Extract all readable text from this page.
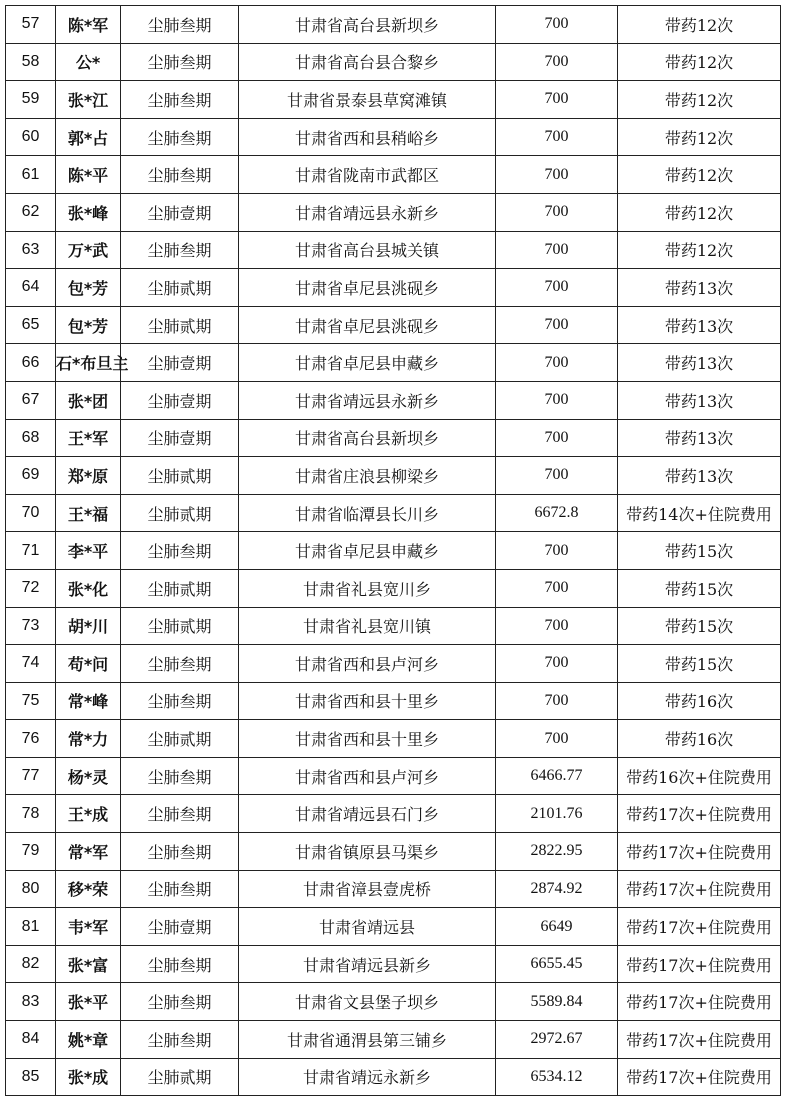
57	陈*军	尘肺叁期	甘肃省高台县新坝乡	700	带药12次
58	公*	尘肺叁期	甘肃省高台县合黎乡	700	带药12次
59	张*江	尘肺叁期	甘肃省景泰县草窝滩镇	700	带药12次
60	郭*占	尘肺叁期	甘肃省西和县稍峪乡	700	带药12次
61	陈*平	尘肺叁期	甘肃省陇南市武都区	700	带药12次
62	张*峰	尘肺壹期	甘肃省靖远县永新乡	700	带药12次
63	万*武	尘肺叁期	甘肃省高台县城关镇	700	带药12次
64	包*芳	尘肺贰期	甘肃省卓尼县洮砚乡	700	带药13次
65	包*芳	尘肺贰期	甘肃省卓尼县洮砚乡	700	带药13次
66	石*布旦主	尘肺壹期	甘肃省卓尼县申藏乡	700	带药13次
67	张*团	尘肺壹期	甘肃省靖远县永新乡	700	带药13次
68	王*军	尘肺壹期	甘肃省高台县新坝乡	700	带药13次
69	郑*原	尘肺贰期	甘肃省庄浪县柳梁乡	700	带药13次
70	王*福	尘肺贰期	甘肃省临潭县长川乡	6672.8	带药14次+住院费用
71	李*平	尘肺叁期	甘肃省卓尼县申藏乡	700	带药15次
72	张*化	尘肺贰期	甘肃省礼县宽川乡	700	带药15次
73	胡*川	尘肺贰期	甘肃省礼县宽川镇	700	带药15次
74	苟*问	尘肺叁期	甘肃省西和县卢河乡	700	带药15次
75	常*峰	尘肺叁期	甘肃省西和县十里乡	700	带药16次
76	常*力	尘肺贰期	甘肃省西和县十里乡	700	带药16次
77	杨*灵	尘肺叁期	甘肃省西和县卢河乡	6466.77	带药16次+住院费用
78	王*成	尘肺叁期	甘肃省靖远县石门乡	2101.76	带药17次+住院费用
79	常*军	尘肺叁期	甘肃省镇原县马渠乡	2822.95	带药17次+住院费用
80	移*荣	尘肺叁期	甘肃省漳县壹虎桥	2874.92	带药17次+住院费用
81	韦*军	尘肺壹期	甘肃省靖远县	6649	带药17次+住院费用
82	张*富	尘肺叁期	甘肃省靖远县新乡	6655.45	带药17次+住院费用
83	张*平	尘肺叁期	甘肃省文县堡子坝乡	5589.84	带药17次+住院费用
84	姚*章	尘肺叁期	甘肃省通渭县第三铺乡	2972.67	带药17次+住院费用
85	张*成	尘肺贰期	甘肃省靖远永新乡	6534.12	带药17次+住院费用
